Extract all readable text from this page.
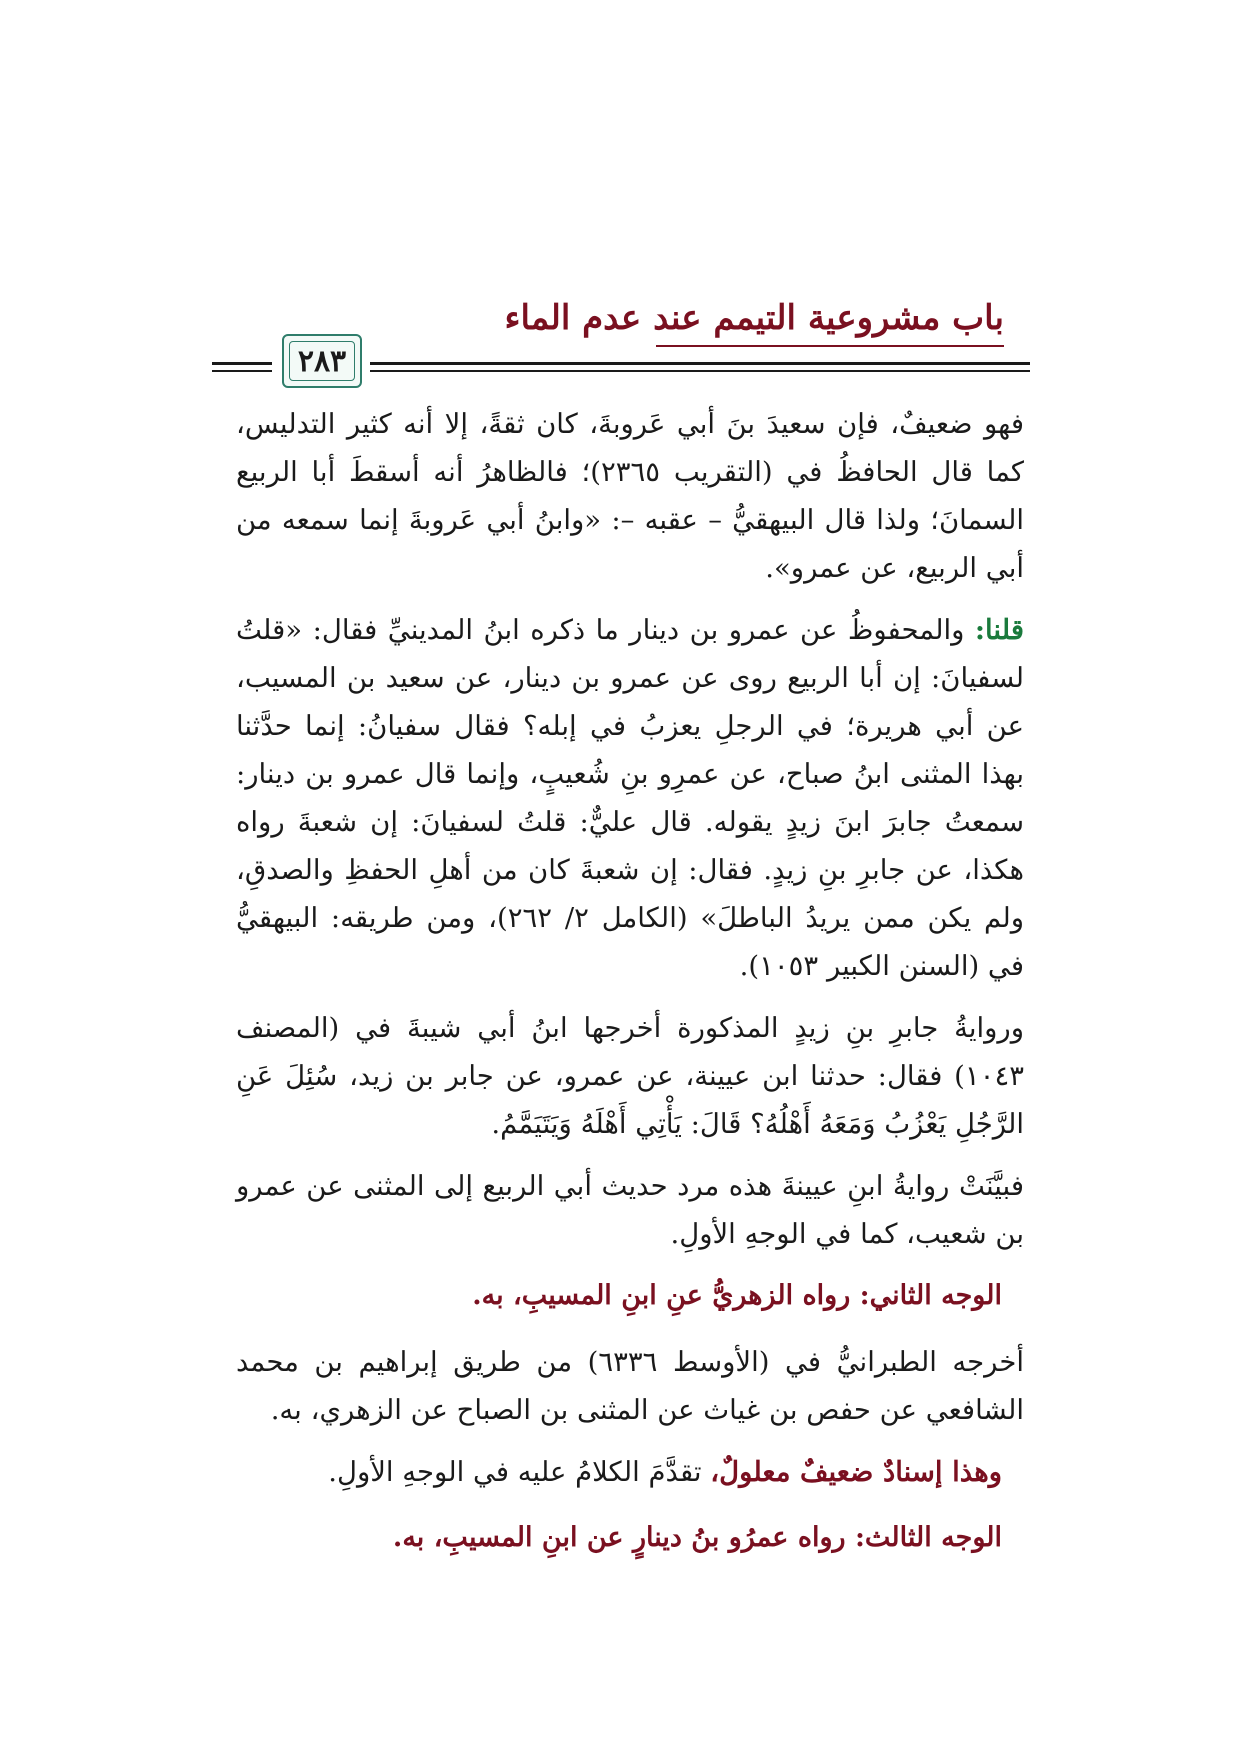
باب مشروعية التيمم عند عدم الماء
٢٨٣

فهو ضعيفٌ، فإن سعيدَ بنَ أبي عَروبةَ، كان ثقةً، إلا أنه كثير التدليس، كما قال الحافظُ في (التقريب ٢٣٦٥)؛ فالظاهرُ أنه أسقطَ أبا الربيع السمانَ؛ ولذا قال البيهقيُّ – عقبه –: «وابنُ أبي عَروبةَ إنما سمعه من أبي الربيع، عن عمرو».

قلنا: والمحفوظُ عن عمرو بن دينار ما ذكره ابنُ المدينيِّ فقال: «قلتُ لسفيانَ: إن أبا الربيع روى عن عمرو بن دينار، عن سعيد بن المسيب، عن أبي هريرة؛ في الرجلِ يعزبُ في إبله؟ فقال سفيانُ: إنما حدَّثنا بهذا المثنى ابنُ صباح، عن عمرِو بنِ شُعيبٍ، وإنما قال عمرو بن دينار: سمعتُ جابرَ ابنَ زيدٍ يقوله. قال عليٌّ: قلتُ لسفيانَ: إن شعبةَ رواه هكذا، عن جابرِ بنِ زيدٍ. فقال: إن شعبةَ كان من أهلِ الحفظِ والصدقِ، ولم يكن ممن يريدُ الباطلَ» (الكامل ٢/ ٢٦٢)، ومن طريقه: البيهقيُّ في (السنن الكبير ١٠٥٣).

وروايةُ جابرِ بنِ زيدٍ المذكورة أخرجها ابنُ أبي شيبةَ في (المصنف ١٠٤٣) فقال: حدثنا ابن عيينة، عن عمرو، عن جابر بن زيد، سُئِلَ عَنِ الرَّجُلِ يَعْزُبُ وَمَعَهُ أَهْلُهُ؟ قَالَ: يَأْتِي أَهْلَهُ وَيَتَيَمَّمُ.

فبيَّنَتْ روايةُ ابنِ عيينةَ هذه مرد حديث أبي الربيع إلى المثنى عن عمرو بن شعيب، كما في الوجهِ الأولِ.

الوجه الثاني: رواه الزهريُّ عنِ ابنِ المسيبِ، به.

أخرجه الطبرانيُّ في (الأوسط ٦٣٣٦) من طريق إبراهيم بن محمد الشافعي عن حفص بن غياث عن المثنى بن الصباح عن الزهري، به.

وهذا إسنادٌ ضعيفٌ معلولٌ، تقدَّمَ الكلامُ عليه في الوجهِ الأولِ.

الوجه الثالث: رواه عمرُو بنُ دينارٍ عن ابنِ المسيبِ، به.
